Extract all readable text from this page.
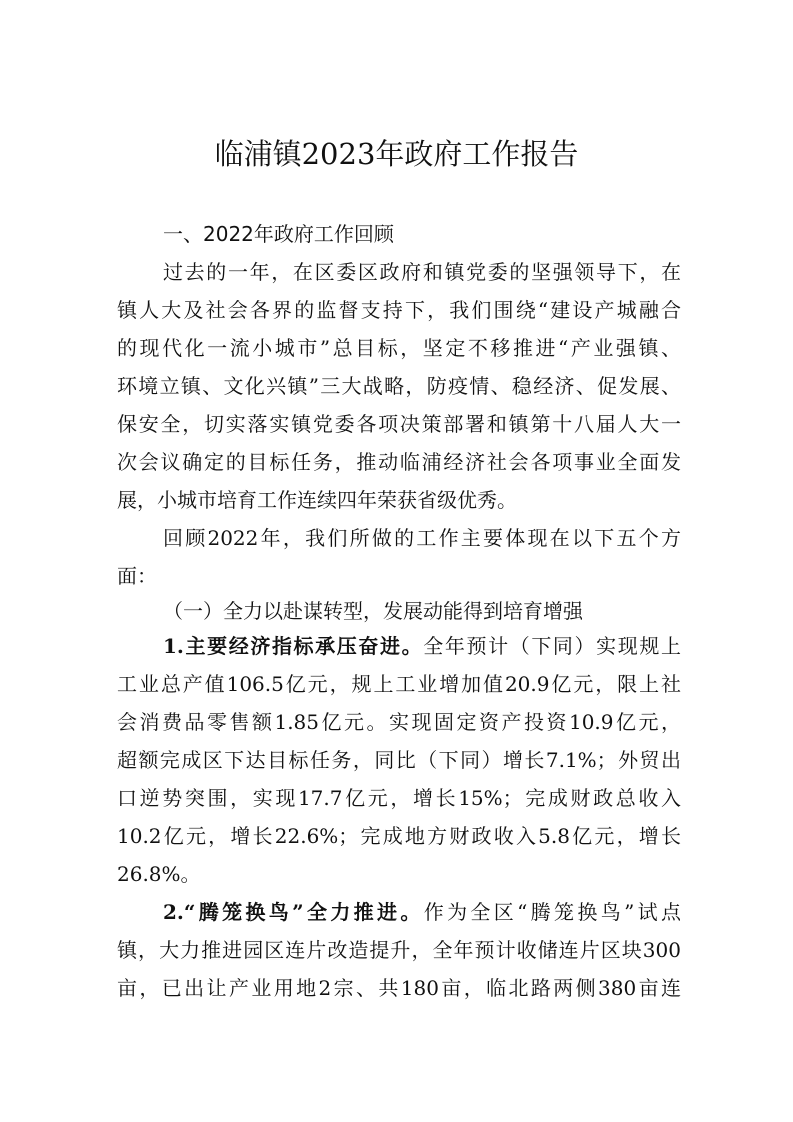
临浦镇2023年政府工作报告
一、2022年政府工作回顾
过去的一年，在区委区政府和镇党委的坚强领导下，在
镇人大及社会各界的监督支持下，我们围绕“建设产城融合
的现代化一流小城市”总目标，坚定不移推进“产业强镇、
环境立镇、文化兴镇”三大战略，防疫情、稳经济、促发展、
保安全，切实落实镇党委各项决策部署和镇第十八届人大一
次会议确定的目标任务，推动临浦经济社会各项事业全面发
展，小城市培育工作连续四年荣获省级优秀。
回顾2022年，我们所做的工作主要体现在以下五个方
面：
（一）全力以赴谋转型，发展动能得到培育增强
1.主要经济指标承压奋进。全年预计（下同）实现规上
工业总产值106.5亿元，规上工业增加值20.9亿元，限上社
会消费品零售额1.85亿元。实现固定资产投资10.9亿元，
超额完成区下达目标任务，同比（下同）增长7.1%；外贸出
口逆势突围，实现17.7亿元，增长15%；完成财政总收入
10.2亿元，增长22.6%；完成地方财政收入5.8亿元，增长
26.8%。
2.“腾笼换鸟”全力推进。作为全区“腾笼换鸟”试点
镇，大力推进园区连片改造提升，全年预计收储连片区块300
亩，已出让产业用地2宗、共180亩，临北路两侧380亩连
